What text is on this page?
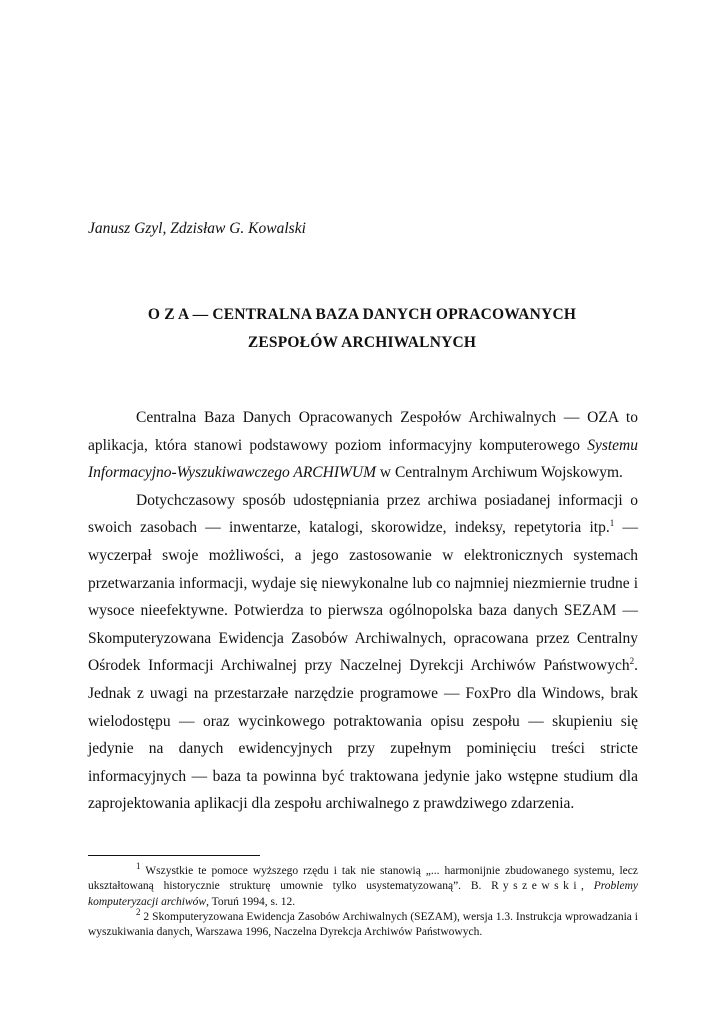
Janusz Gzyl, Zdzisław G. Kowalski
O Z A — CENTRALNA BAZA DANYCH OPRACOWANYCH
ZESPOŁÓW ARCHIWALNYCH

Centralna Baza Danych Opracowanych Zespołów Archiwalnych — OZA to aplikacja, która stanowi podstawowy poziom informacyjny komputerowego Systemu Informacyjno-Wyszukiwawczego ARCHIWUM w Centralnym Archiwum Wojskowym.

Dotychczasowy sposób udostępniania przez archiwa posiadanej informacji o swoich zasobach — inwentarze, katalogi, skorowidze, indeksy, repetytoria itp.$^1$ — wyczerpał swoje możliwości, a jego zastosowanie w elektronicznych systemach przetwarzania informacji, wydaje się niewykonalne lub co najmniej niezmiernie trudne i wysoce nieefektywne. Potwierdza to pierwsza ogólnopolska baza danych SEZAM — Skomputeryzowana Ewidencja Zasobów Archiwalnych, opracowana przez Centralny Ośrodek Informacji Archiwalnej przy Naczelnej Dyrekcji Archiwów Państwowych$^2$. Jednak z uwagi na przestarzałe narzędzie programowe — FoxPro dla Windows, brak wielodostępu — oraz wycinkowego potraktowania opisu zespołu — skupieniu się jedynie na danych ewidencyjnych przy zupełnym pominięciu treści stricte informacyjnych — baza ta powinna być traktowana jedynie jako wstępne studium dla zaprojektowania aplikacji dla zespołu archiwalnego z prawdziwego zdarzenia.

$^1$ Wszystkie te pomoce wyższego rzędu i tak nie stanowią „... harmonijnie zbudowanego systemu, lecz ukształtowaną historycznie strukturę umownie tylko usystematyzowaną”. B. Ryszewski, Problemy komputeryzacji archiwów, Toruń 1994, s. 12.

$^2$ 2 Skomputeryzowana Ewidencja Zasobów Archiwalnych (SEZAM), wersja 1.3. Instrukcja wprowadzania i wyszukiwania danych, Warszawa 1996, Naczelna Dyrekcja Archiwów Państwowych.
